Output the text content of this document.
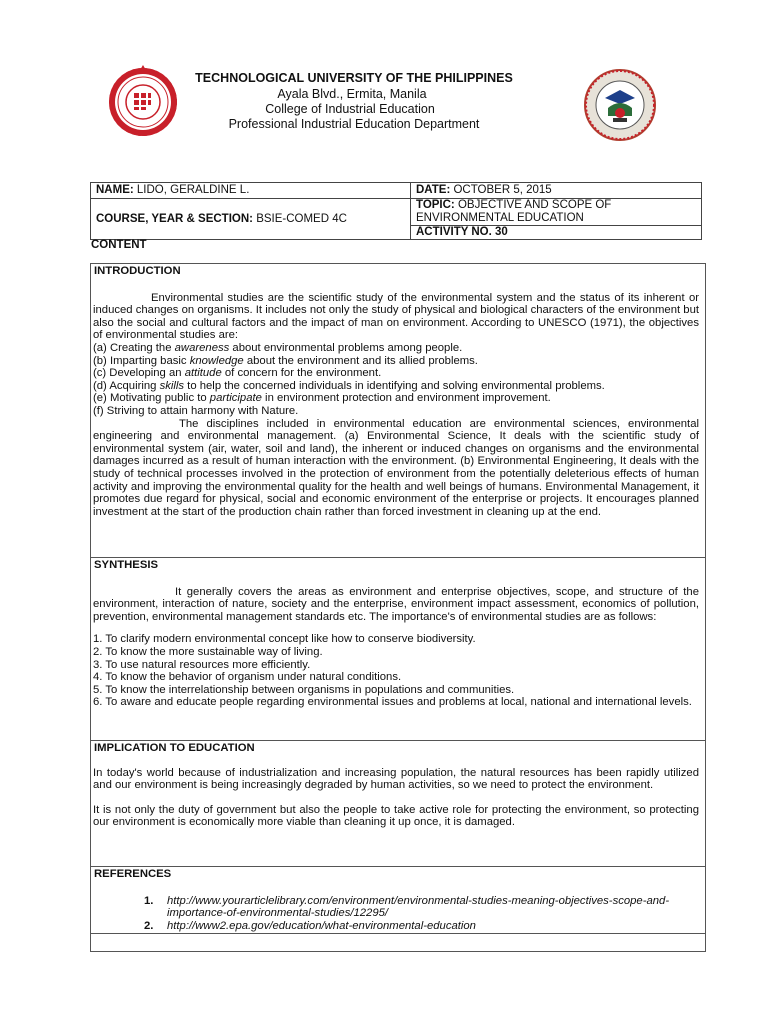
TECHNOLOGICAL UNIVERSITY OF THE PHILIPPINES
Ayala Blvd., Ermita, Manila
College of Industrial Education
Professional Industrial Education Department
NAME: LIDO, GERALDINE L.	DATE: OCTOBER 5, 2015
COURSE, YEAR & SECTION: BSIE-COMED 4C	TOPIC: OBJECTIVE AND SCOPE OF ENVIRONMENTAL EDUCATION
	ACTIVITY NO. 30
CONTENT
INTRODUCTION

Environmental studies are the scientific study of the environmental system and the status of its inherent or induced changes on organisms. It includes not only the study of physical and biological characters of the environment but also the social and cultural factors and the impact of man on environment. According to UNESCO (1971), the objectives of environmental studies are:

(a) Creating the awareness about environmental problems among people.

(b) Imparting basic knowledge about the environment and its allied problems.

(c) Developing an attitude of concern for the environment.

(d) Acquiring skills to help the concerned individuals in identifying and solving environmental problems.

(e) Motivating public to participate in environment protection and environment improvement.

(f) Striving to attain harmony with Nature.

The disciplines included in environmental education are environmental sciences, environmental engineering and environmental management. (a) Environmental Science, It deals with the scientific study of environmental system (air, water, soil and land), the inherent or induced changes on organisms and the environmental damages incurred as a result of human interaction with the environment. (b) Environmental Engineering, It deals with the study of technical processes involved in the protection of environment from the potentially deleterious effects of human activity and improving the environmental quality for the health and well beings of humans. Environmental Management, it promotes due regard for physical, social and economic environment of the enterprise or projects. It encourages planned investment at the start of the production chain rather than forced investment in cleaning up at the end.

SYNTHESIS

It generally covers the areas as environment and enterprise objectives, scope, and structure of the environment, interaction of nature, society and the enterprise, environment impact assessment, economics of pollution, prevention, environmental management standards etc. The importance's of environmental studies are as follows:

1. To clarify modern environmental concept like how to conserve biodiversity.

2. To know the more sustainable way of living.

3. To use natural resources more efficiently.

4. To know the behavior of organism under natural conditions.

5. To know the interrelationship between organisms in populations and communities.

6. To aware and educate people regarding environmental issues and problems at local, national and international levels.

IMPLICATION TO EDUCATION

In today's world because of industrialization and increasing population, the natural resources has been rapidly utilized and our environment is being increasingly degraded by human activities, so we need to protect the environment.

It is not only the duty of government but also the people to take active role for protecting the environment, so protecting our environment is economically more viable than cleaning it up once, it is damaged.

REFERENCES
1. http://www.yourarticlelibrary.com/environment/environmental-studies-meaning-objectives-scope-and-importance-of-environmental-studies/12295/
2. http://www2.epa.gov/education/what-environmental-education
